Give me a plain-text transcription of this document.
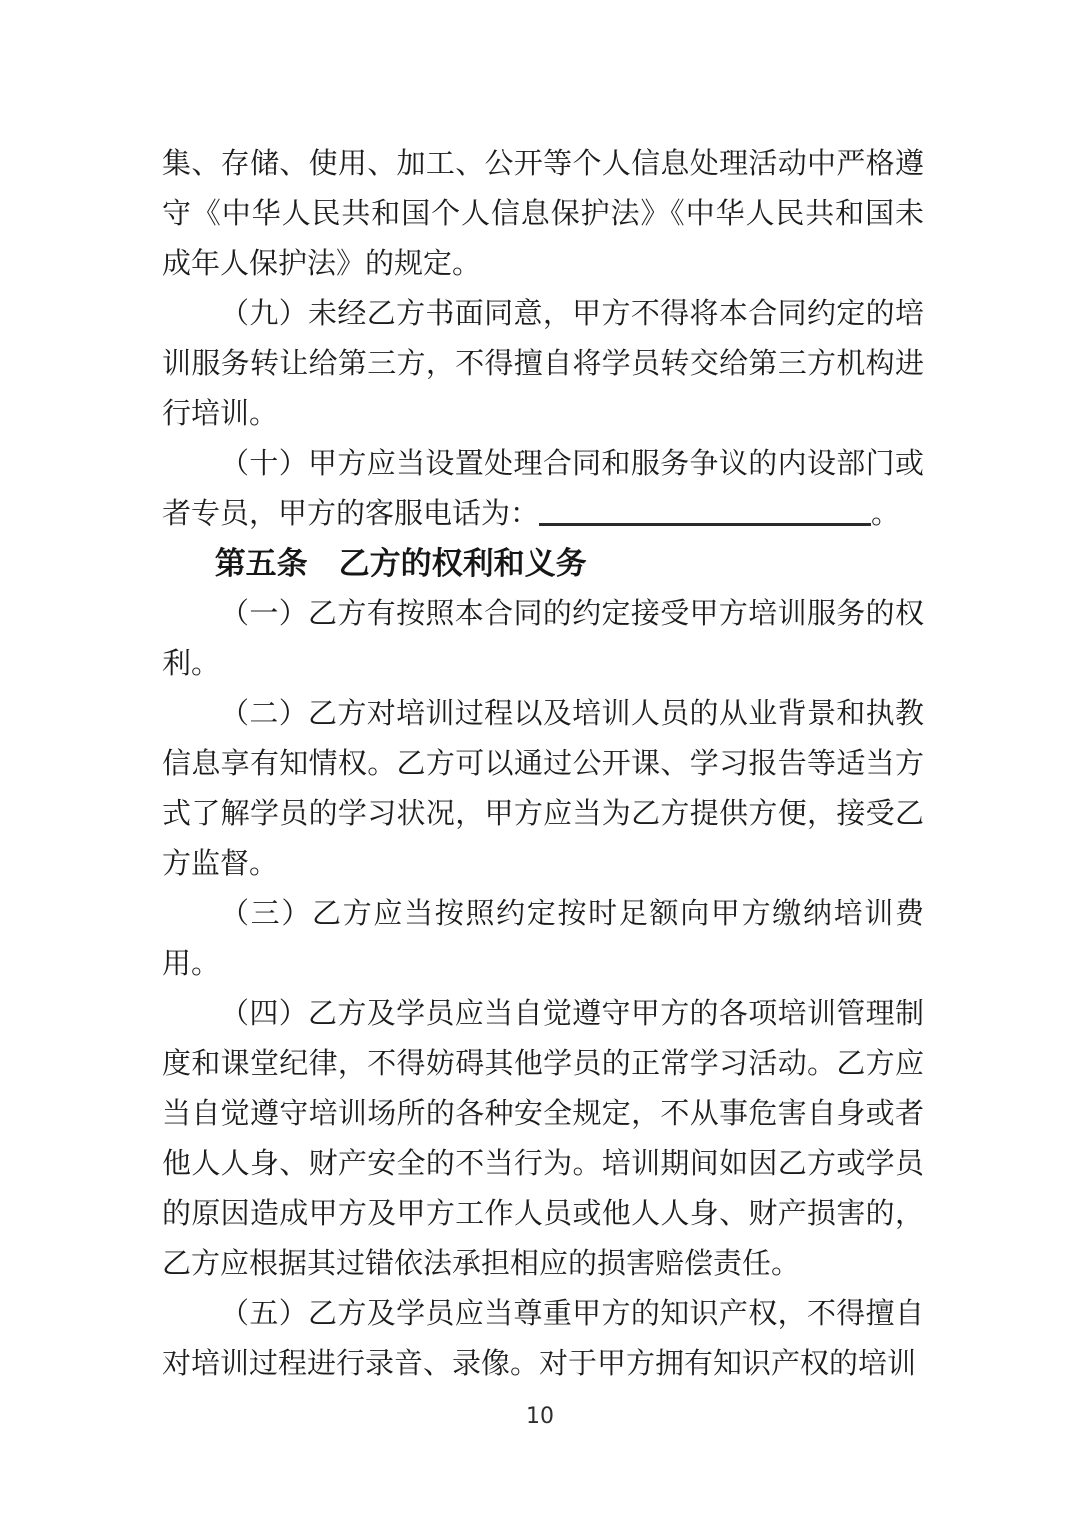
集、存储、使用、加工、公开等个人信息处理活动中严格遵守《中华人民共和国个人信息保护法》《中华人民共和国未成年人保护法》的规定。

（九）未经乙方书面同意，甲方不得将本合同约定的培训服务转让给第三方，不得擅自将学员转交给第三方机构进行培训。

（十）甲方应当设置处理合同和服务争议的内设部门或者专员，甲方的客服电话为：	。

第五条　乙方的权利和义务

（一）乙方有按照本合同的约定接受甲方培训服务的权利。

（二）乙方对培训过程以及培训人员的从业背景和执教信息享有知情权。乙方可以通过公开课、学习报告等适当方式了解学员的学习状况，甲方应当为乙方提供方便，接受乙方监督。

（三）乙方应当按照约定按时足额向甲方缴纳培训费用。

（四）乙方及学员应当自觉遵守甲方的各项培训管理制度和课堂纪律，不得妨碍其他学员的正常学习活动。乙方应当自觉遵守培训场所的各种安全规定，不从事危害自身或者他人人身、财产安全的不当行为。培训期间如因乙方或学员的原因造成甲方及甲方工作人员或他人人身、财产损害的，乙方应根据其过错依法承担相应的损害赔偿责任。

（五）乙方及学员应当尊重甲方的知识产权，不得擅自对培训过程进行录音、录像。对于甲方拥有知识产权的培训

10
